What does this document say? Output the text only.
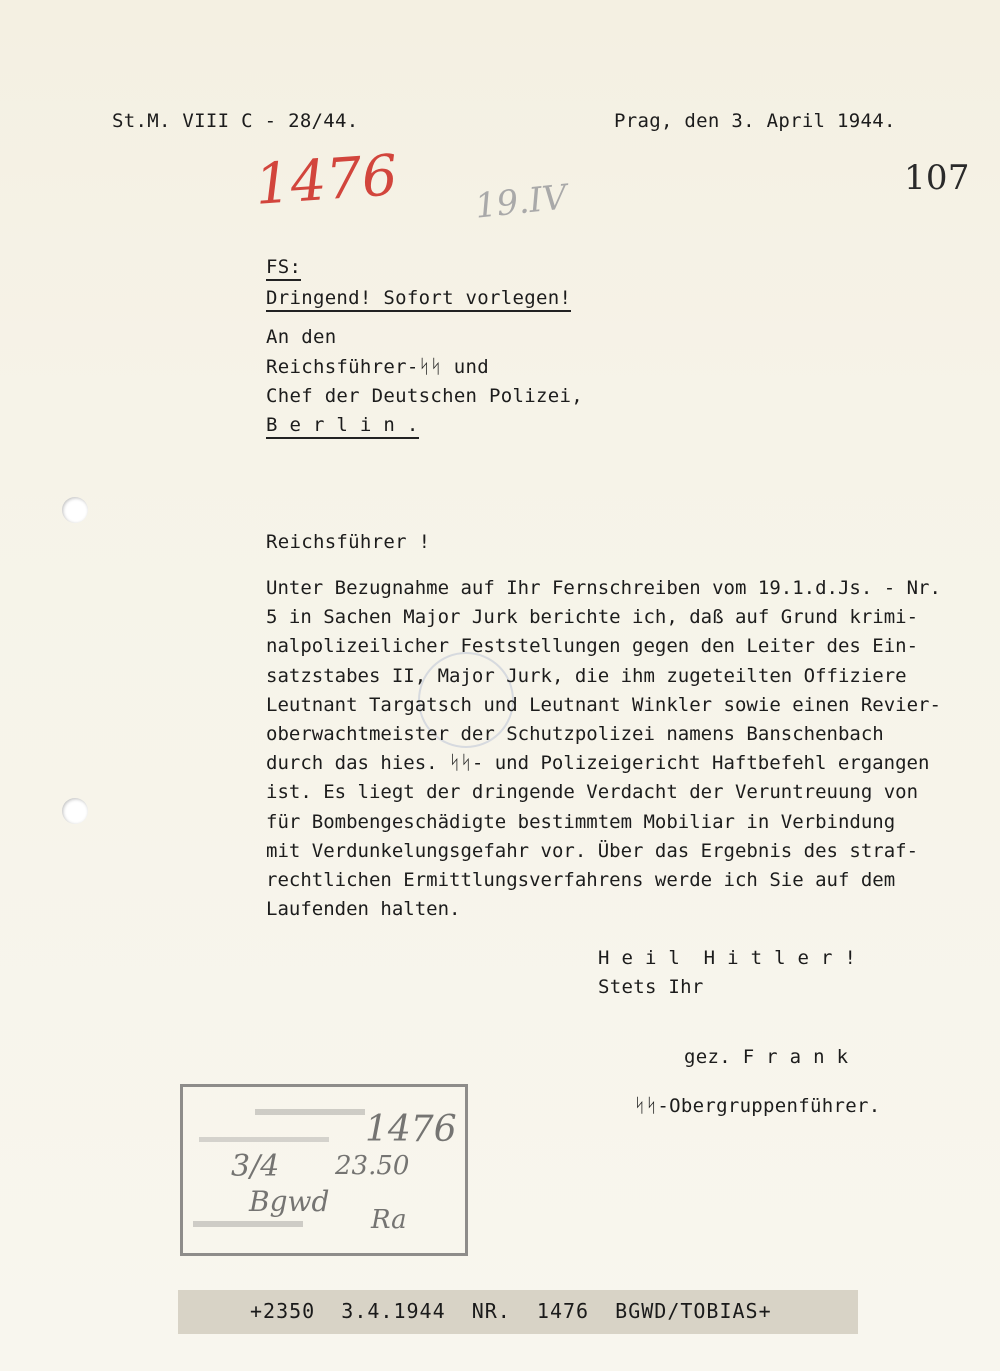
St.M. VIII C - 28/44.	Prag, den 3. April 1944.
107
1476 19.IV
FS:
Dringend! Sofort vorlegen!
An den
Reichsführer-ᛋᛋ und
Chef der Deutschen Polizei,
B e r l i n .
Reichsführer !
Unter Bezugnahme auf Ihr Fernschreiben vom 19.1.d.Js. - Nr.
5 in Sachen Major Jurk berichte ich, daß auf Grund krimi-
nalpolizeilicher Feststellungen gegen den Leiter des Ein-
satzstabes II, Major Jurk, die ihm zugeteilten Offiziere
Leutnant Targatsch und Leutnant Winkler sowie einen Revier-
oberwachtmeister der Schutzpolizei namens Banschenbach
durch das hies. ᛋᛋ- und Polizeigericht Haftbefehl ergangen
ist. Es liegt der dringende Verdacht der Veruntreuung von
für Bombengeschädigte bestimmtem Mobiliar in Verbindung
mit Verdunkelungsgefahr vor. Über das Ergebnis des straf-
rechtlichen Ermittlungsverfahrens werde ich Sie auf dem
Laufenden halten.
H e i l  H i t l e r !
Stets Ihr
gez. F r a n k
ᛋᛋ-Obergruppenführer.
1476
3/4 23.50
Bgwd
Ra
+2350  3.4.1944  NR.  1476  BGWD/TOBIAS+
